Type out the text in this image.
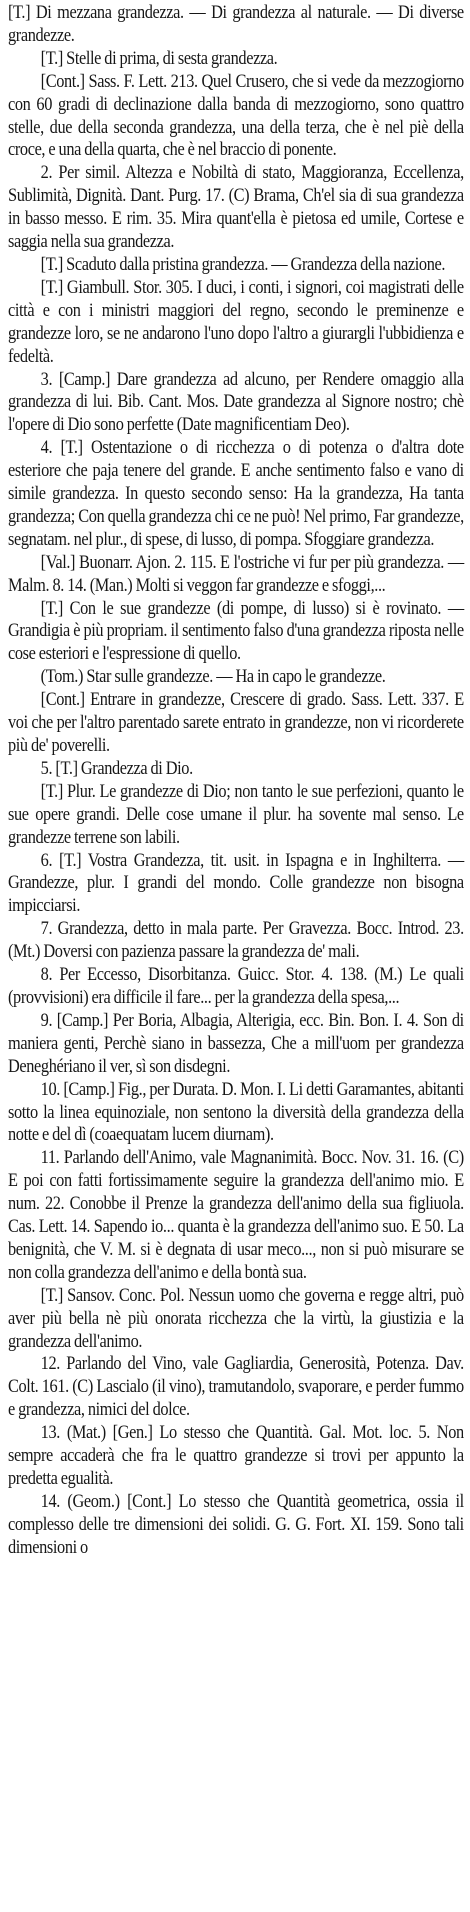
[T.] Di mezzana grandezza. — Di grandezza al naturale. — Di diverse grandezze.

[T.] Stelle di prima, di sesta grandezza.

[Cont.] Sass. F. Lett. 213. Quel Crusero, che si vede da mezzogiorno con 60 gradi di declinazione dalla banda di mezzogiorno, sono quattro stelle, due della seconda grandezza, una della terza, che è nel piè della croce, e una della quarta, che è nel braccio di ponente.

2. Per simil. Altezza e Nobiltà di stato, Maggioranza, Eccellenza, Sublimità, Dignità. Dant. Purg. 17. (C) Brama, Ch'el sia di sua grandezza in basso messo. E rim. 35. Mira quant'ella è pietosa ed umile, Cortese e saggia nella sua grandezza.

[T.] Scaduto dalla pristina grandezza. — Grandezza della nazione.

[T.] Giambull. Stor. 305. I duci, i conti, i signori, coi magistrati delle città e con i ministri maggiori del regno, secondo le preminenze e grandezze loro, se ne andarono l'uno dopo l'altro a giurargli l'ubbidienza e fedeltà.

3. [Camp.] Dare grandezza ad alcuno, per Rendere omaggio alla grandezza di lui. Bib. Cant. Mos. Date grandezza al Signore nostro; chè l'opere di Dio sono perfette (Date magnificentiam Deo).

4. [T.] Ostentazione o di ricchezza o di potenza o d'altra dote esteriore che paja tenere del grande. E anche sentimento falso e vano di simile grandezza. In questo secondo senso: Ha la grandezza, Ha tanta grandezza; Con quella grandezza chi ce ne può! Nel primo, Far grandezze, segnatam. nel plur., di spese, di lusso, di pompa. Sfoggiare grandezza.

[Val.] Buonarr. Ajon. 2. 115. E l'ostriche vi fur per più grandezza. — Malm. 8. 14. (Man.) Molti si veggon far grandezze e sfoggi,...

[T.] Con le sue grandezze (di pompe, di lusso) si è rovinato. — Grandigia è più propriam. il sentimento falso d'una grandezza riposta nelle cose esteriori e l'espressione di quello.

(Tom.) Star sulle grandezze. — Ha in capo le grandezze.

[Cont.] Entrare in grandezze, Crescere di grado. Sass. Lett. 337. E voi che per l'altro parentado sarete entrato in grandezze, non vi ricorderete più de' poverelli.

5. [T.] Grandezza di Dio.

[T.] Plur. Le grandezze di Dio; non tanto le sue perfezioni, quanto le sue opere grandi. Delle cose umane il plur. ha sovente mal senso. Le grandezze terrene son labili.

6. [T.] Vostra Grandezza, tit. usit. in Ispagna e in Inghilterra. — Grandezze, plur. I grandi del mondo. Colle grandezze non bisogna impicciarsi.

7. Grandezza, detto in mala parte. Per Gravezza. Bocc. Introd. 23. (Mt.) Doversi con pazienza passare la grandezza de' mali.

8. Per Eccesso, Disorbitanza. Guicc. Stor. 4. 138. (M.) Le quali (provvisioni) era difficile il fare... per la grandezza della spesa,...

9. [Camp.] Per Boria, Albagia, Alterigia, ecc. Bin. Bon. I. 4. Son di maniera genti, Perchè siano in bassezza, Che a mill'uom per grandezza Deneghériano il ver, sì son disdegni.

10. [Camp.] Fig., per Durata. D. Mon. I. Li detti Garamantes, abitanti sotto la linea equinoziale, non sentono la diversità della grandezza della notte e del dì (coaequatam lucem diurnam).

11. Parlando dell'Animo, vale Magnanimità. Bocc. Nov. 31. 16. (C) E poi con fatti fortissimamente seguire la grandezza dell'animo mio. E num. 22. Conobbe il Prenze la grandezza dell'animo della sua figliuola. Cas. Lett. 14. Sapendo io... quanta è la grandezza dell'animo suo. E 50. La benignità, che V. M. si è degnata di usar meco..., non si può misurare se non colla grandezza dell'animo e della bontà sua.

[T.] Sansov. Conc. Pol. Nessun uomo che governa e regge altri, può aver più bella nè più onorata ricchezza che la virtù, la giustizia e la grandezza dell'animo.

12. Parlando del Vino, vale Gagliardia, Generosità, Potenza. Dav. Colt. 161. (C) Lascialo (il vino), tramutandolo, svaporare, e perder fummo e grandezza, nimici del dolce.

13. (Mat.) [Gen.] Lo stesso che Quantità. Gal. Mot. loc. 5. Non sempre accaderà che fra le quattro grandezze si trovi per appunto la predetta egualità.

14. (Geom.) [Cont.] Lo stesso che Quantità geometrica, ossia il complesso delle tre dimensioni dei solidi. G. G. Fort. XI. 159. Sono tali dimensioni o
